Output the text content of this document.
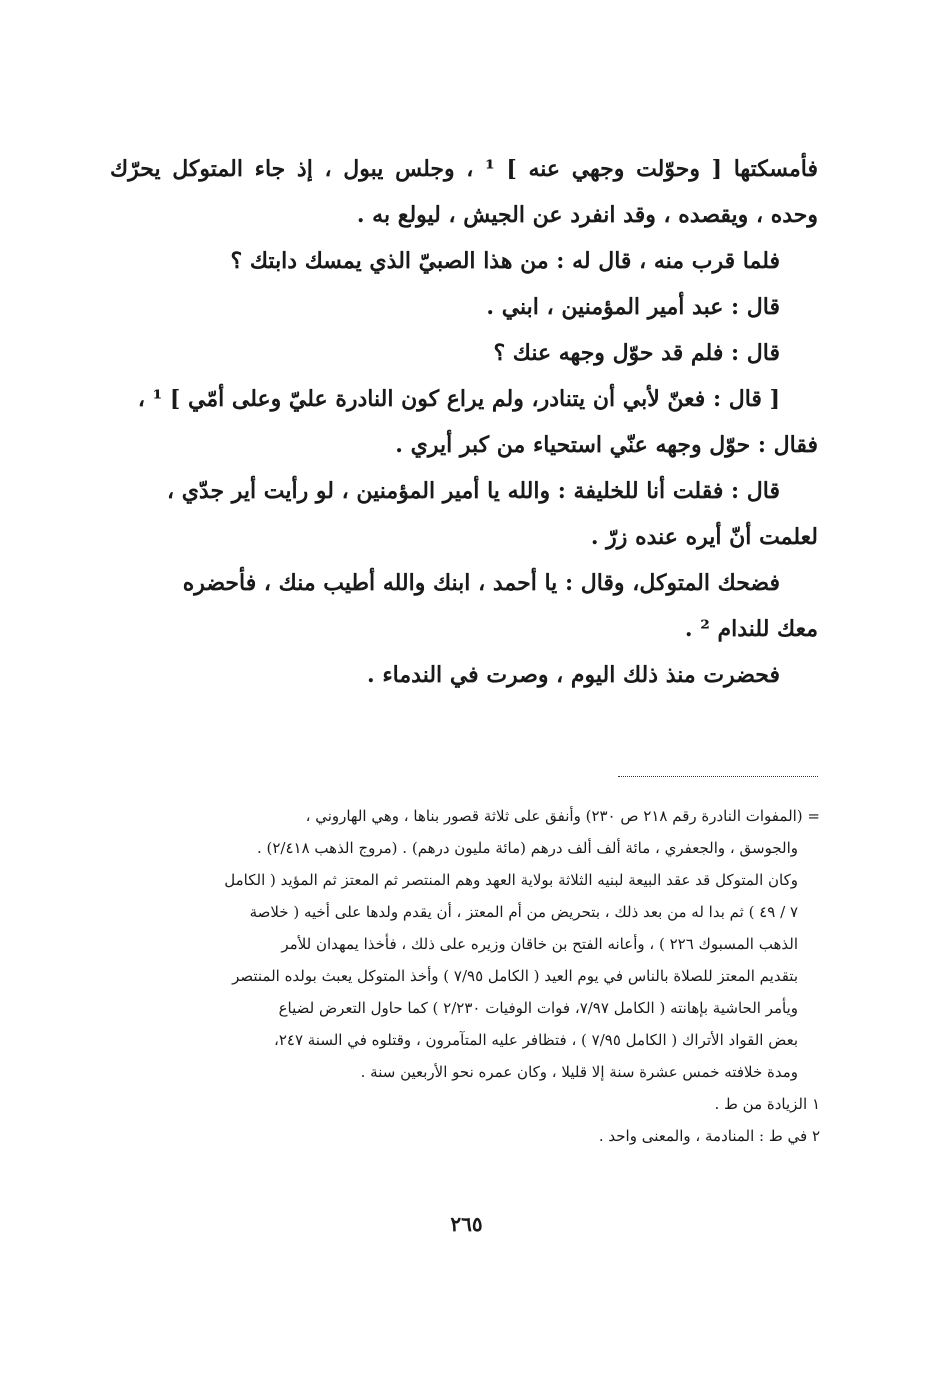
فأمسكتها [ وحوّلت وجهي عنه ] ¹ ، وجلس يبول ، إذ جاء المتوكل يحرّك
وحده ، ويقصده ، وقد انفرد عن الجيش ، ليولع به .
فلما قرب منه ، قال له : من هذا الصبيّ الذي يمسك دابتك ؟
قال : عبد أمير المؤمنين ، ابني .
قال : فلم قد حوّل وجهه عنك ؟
[ قال : فعنّ لأبي أن يتنادر، ولم يراع كون النادرة عليّ وعلى أمّي ] ¹ ،
فقال : حوّل وجهه عنّي استحياء من كبر أيري .
قال : فقلت أنا للخليفة : والله يا أمير المؤمنين ، لو رأيت أير جدّي ،
لعلمت أنّ أيره عنده زرّ .
فضحك المتوكل، وقال : يا أحمد ، ابنك والله أطيب منك ، فأحضره
معك للندام ² .
فحضرت منذ ذلك اليوم ، وصرت في الندماء .
= (المفوات النادرة رقم ٢١٨ ص ٢٣٠) وأنفق على ثلاثة قصور بناها ، وهي الهاروني ،
والجوسق ، والجعفري ، مائة ألف ألف درهم (مائة مليون درهم) . (مروج الذهب ٢/٤١٨) .
وكان المتوكل قد عقد البيعة لبنيه الثلاثة بولاية العهد وهم المنتصر ثم المعتز ثم المؤيد ( الكامل
٧ / ٤٩ ) ثم بدا له من بعد ذلك ، بتحريض من أم المعتز ، أن يقدم ولدها على أخيه ( خلاصة
الذهب المسبوك ٢٢٦ ) ، وأعانه الفتح بن خاقان وزيره على ذلك ، فأخذا يمهدان للأمر
بتقديم المعتز للصلاة بالناس في يوم العيد ( الكامل ٧/٩٥ ) وأخذ المتوكل يعبث بولده المنتصر
ويأمر الحاشية بإهانته ( الكامل ٧/٩٧، فوات الوفيات ٢/٢٣٠ ) كما حاول التعرض لضياع
بعض القواد الأتراك ( الكامل ٧/٩٥ ) ، فتظافر عليه المتآمرون ، وقتلوه في السنة ٢٤٧،
ومدة خلافته خمس عشرة سنة إلا قليلا ، وكان عمره نحو الأربعين سنة .
١ الزيادة من ط .
٢ في ط : المنادمة ، والمعنى واحد .
٢٦٥
